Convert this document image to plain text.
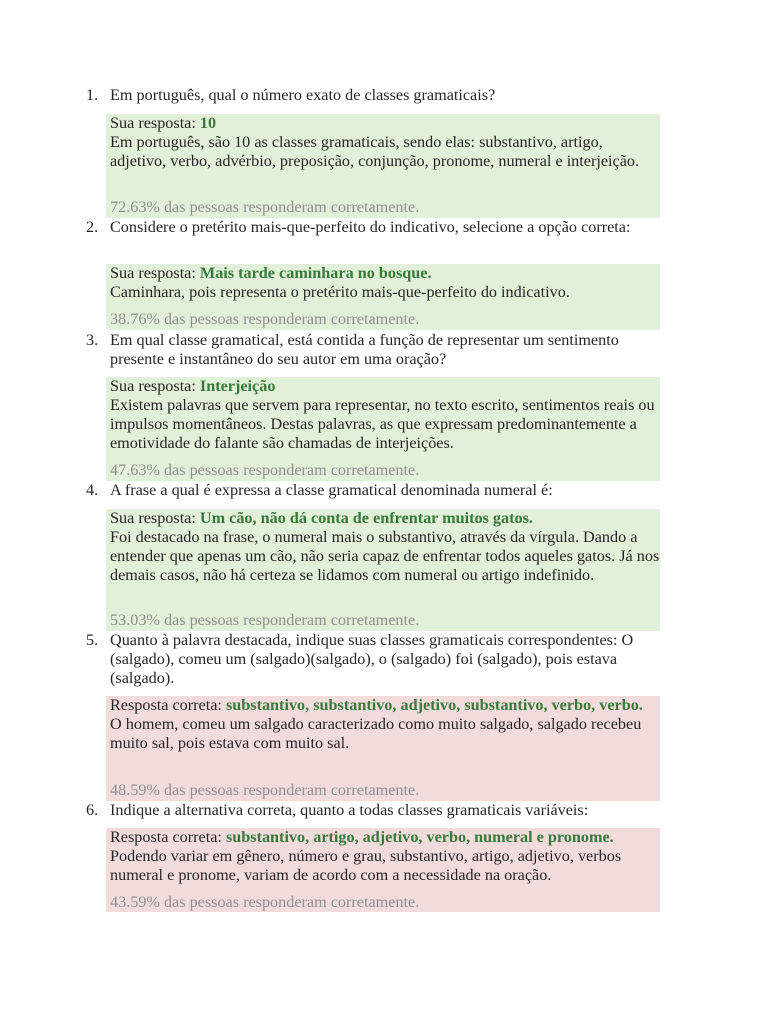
1. Em português, qual o número exato de classes gramaticais?
Sua resposta: 10
Em português, são 10 as classes gramaticais, sendo elas: substantivo, artigo, adjetivo, verbo, advérbio, preposição, conjunção, pronome, numeral e interjeição.
72.63% das pessoas responderam corretamente.
2. Considere o pretérito mais-que-perfeito do indicativo, selecione a opção correta:
Sua resposta: Mais tarde caminhara no bosque.
Caminhara, pois representa o pretérito mais-que-perfeito do indicativo.
38.76% das pessoas responderam corretamente.
3. Em qual classe gramatical, está contida a função de representar um sentimento presente e instantâneo do seu autor em uma oração?
Sua resposta: Interjeição
Existem palavras que servem para representar, no texto escrito, sentimentos reais ou impulsos momentâneos. Destas palavras, as que expressam predominantemente a emotividade do falante são chamadas de interjeições.
47.63% das pessoas responderam corretamente.
4. A frase a qual é expressa a classe gramatical denominada numeral é:
Sua resposta: Um cão, não dá conta de enfrentar muitos gatos.
Foi destacado na frase, o numeral mais o substantivo, através da vírgula. Dando a entender que apenas um cão, não seria capaz de enfrentar todos aqueles gatos. Já nos demais casos, não há certeza se lidamos com numeral ou artigo indefinido.
53.03% das pessoas responderam corretamente.
5. Quanto à palavra destacada, indique suas classes gramaticais correspondentes: O (salgado), comeu um (salgado)(salgado), o (salgado) foi (salgado), pois estava (salgado).
Resposta correta: substantivo, substantivo, adjetivo, substantivo, verbo, verbo.
O homem, comeu um salgado caracterizado como muito salgado, salgado recebeu muito sal, pois estava com muito sal.
48.59% das pessoas responderam corretamente.
6. Indique a alternativa correta, quanto a todas classes gramaticais variáveis:
Resposta correta: substantivo, artigo, adjetivo, verbo, numeral e pronome.
Podendo variar em gênero, número e grau, substantivo, artigo, adjetivo, verbos numeral e pronome, variam de acordo com a necessidade na oração.
43.59% das pessoas responderam corretamente.
